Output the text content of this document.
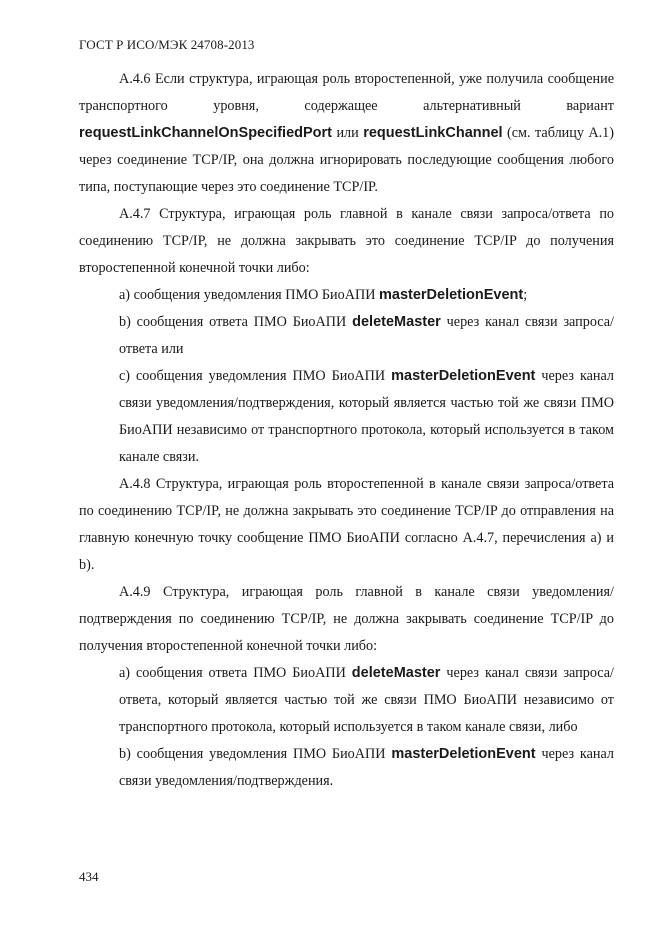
ГОСТ Р ИСО/МЭК 24708-2013

А.4.6 Если структура, играющая роль второстепенной, уже получила сообщение транспортного уровня, содержащее альтернативный вариант requestLinkChannelOnSpecifiedPort или requestLinkChannel (см. таблицу А.1) через соединение TCP/IP, она должна игнорировать последующие сообщения любого типа, поступающие через это соединение TCP/IP.

А.4.7 Структура, играющая роль главной в канале связи запроса/ответа по соединению TCP/IP, не должна закрывать это соединение TCP/IP до получения второстепенной конечной точки либо:

а) сообщения уведомления ПМО БиоАПИ masterDeletionEvent;

b) сообщения ответа ПМО БиоАПИ deleteMaster через канал связи запроса/ответа или

с) сообщения уведомления ПМО БиоАПИ masterDeletionEvent через канал связи уведомления/подтверждения, который является частью той же связи ПМО БиоАПИ независимо от транспортного протокола, который используется в таком канале связи.

А.4.8 Структура, играющая роль второстепенной в канале связи запроса/ответа по соединению TCP/IP, не должна закрывать это соединение TCP/IP до отправления на главную конечную точку сообщение ПМО БиоАПИ согласно А.4.7, перечисления а) и b).

А.4.9 Структура, играющая роль главной в канале связи уведомления/подтверждения по соединению TCP/IP, не должна закрывать соединение TCP/IP до получения второстепенной конечной точки либо:

а) сообщения ответа ПМО БиоАПИ deleteMaster через канал связи запроса/ответа, который является частью той же связи ПМО БиоАПИ независимо от транспортного протокола, который используется в таком канале связи, либо

b) сообщения уведомления ПМО БиоАПИ masterDeletionEvent через канал связи уведомления/подтверждения.

434
